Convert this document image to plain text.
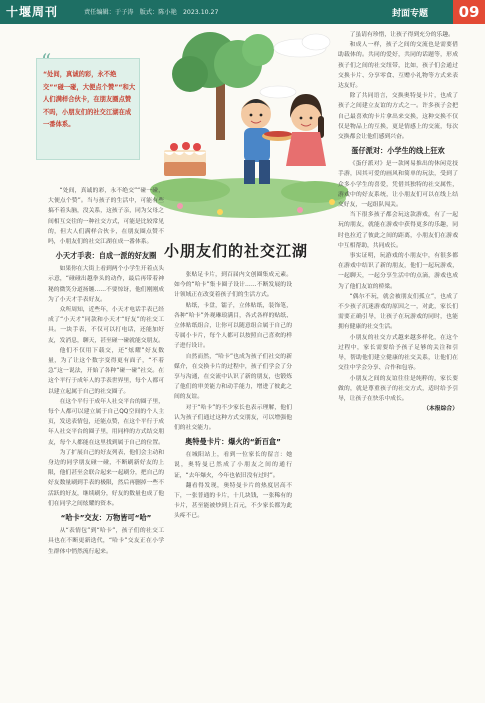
十堰周刊	责任编辑：于子涛　版式：陈小艳　2023.10.27	封面专题	09
“
“处间，真诚的彩，永不绝交”“碰一碰，大便点个赞”“和大人们满样合伙卡，在朋友圈点赞不吗，小朋友们的社交江湖在成一番体系。
小朋友们的社交江湖

“处间，真诚的彩，永不绝交”“碰一碰，大便点个赞”。当与孩子的生活中，可能有些搞不着头脑，没关系，这孩子亲，同为父母之间相互交往的一种社交方式，可能是比较常见的，但大人们满样合伙卡，在朋友圈点赞不吗，小朋友们的社交江湖在成一番体系。

小天才手表：自成一派的好友圈

如果你在大街上看到两个小学生开着点头示意，“碰碰出越拳头的动作，最后再带着神秘的微笑分道扬镳……不要惊讶，他们刚刚成为了小天才手表好友。

众所周知，近些年，小天才电话手表已经成了“小天才”同款和小天才“好友”的社交工具。一块手表，不仅可以打电话，还能加好友，发消息，聊天，甚至碰一碰就能交朋友。

他们不仅用下载交，还“炫耀”好友数量，为了让这个数字变得更有面子，“不着急”这一说法，开始了各种“碰一碰”社交。在这个平行于成年人的手表世界里，每个人都可以建立起属于自己的社交圈子。

在这个平行于成年人社交平台的圈子里，每个人都可以建立属于自己QQ空间的个人主页，发送表情包，还能点赞，在这个平行于成年人社交平台的圈子里，用同样的方式结交朋友，每个人都能在这里找到属于自己的位置。

为了扩展自己的好友列表，他们会主动和身边的同学朋友碰一碰，不断刷新好友的上限，他们甚至会联合起来一起刷分，把自己的好友数量刷到手表的极限，然后再删掉一些不活跃的好友，继续刷分，好友的数量也成了他们在同学之间炫耀的资本。

“哈卡”交友：万物皆可“哈”

从“表情包”到“哈卡”，孩子们的社交工具也在不断更新迭代，“哈卡”交友正在小学生群体中悄然流行起来。

张贴足卡片，到百届内文创圈集成元素。如今的“哈卡”集卡圈子设计……不断发展的设计领域正在改变着孩子们的生活方式。

贴纸，卡盘，镭子，立体贴纸，装饰笔，各种“哈卡”外观琳琅满目，各式各样的贴纸、立体贴纸组合，让你可以随意组合属于自己的专属小卡片，每个人都可以按照自己喜欢的样子进行设计。

自然而然，“哈卡”也成为孩子们社交的新媒介，在交换卡片的过程中，孩子们学会了分享与沟通，在交流中认识了新的朋友，也锻炼了他们的审美能力和动手能力，增进了彼此之间的友谊。

对于“哈卡”的不少家长也表示理解，他们认为孩子们通过这种方式交朋友，可以增强他们的社交能力。

奥特曼卡片：爆火的“新百盒”

在城阳站上，看到一位家长的留言：她说，奥特曼已然成了小朋友之间的通行证，“去年爆火，今年也依旧没有过时”。

翻看得发现，奥特曼卡片的热度居高不下，一张普通的卡片，十几块钱，一张稀有的卡片，甚至能被炒到上百元，不少家长都为此头疼不已。

了虽请有珍惜，让孩子得到充分的乐趣。

和成人一样，孩子之间的交流也是需要借助载体的。共同的爱好，共同的话题等，形成孩子们之间的社交纽带，比如，孩子们会通过交换卡片、分享零食、互赠小礼物等方式来表达友好。

除了共同语言，交换奥特曼卡片，也成了孩子之间建立友谊的方式之一。许多孩子会把自己最喜欢的卡片拿出来交换，这种交换不仅仅是物品上的互换，更是情感上的交流，每次交换都会让他们感到兴奋。

蛋仔派对：小学生的线上狂欢

《蛋仔派对》是一款网易推出的休闲竞技手游，因其可爱的画风和简单的玩法，受到了众多小学生的喜爱，凭借其独特的社交属性，游戏中的好友系统，让小朋友们可以在线上结交好友，一起组队闯关。

当下很多孩子都会玩这款游戏，有了一起玩的朋友，就能在游戏中获得更多的乐趣，同时也拉近了彼此之间的距离，小朋友们在游戏中互相帮助，共同成长。

事实证明，玩游戏的小朋友中，有很多都在游戏中结识了新的朋友，他们一起玩游戏，一起聊天，一起分享生活中的点滴，游戏也成为了他们友谊的桥梁。

“偶尔不玩，就会被朋友们孤立”，也成了不少孩子沉迷游戏的原因之一，对此，家长们需要正确引导，让孩子在玩游戏的同时，也能拥有健康的社交生活。

小朋友的社交方式越来越多样化，在这个过程中，家长需要给予孩子足够的关注和引导，帮助他们建立健康的社交关系，让他们在交往中学会分享、合作和包容。

小朋友之间的友谊往往是纯粹的，家长要做的，就是尊重孩子的社交方式，适时给予引导，让孩子在快乐中成长。

（本报综合）
